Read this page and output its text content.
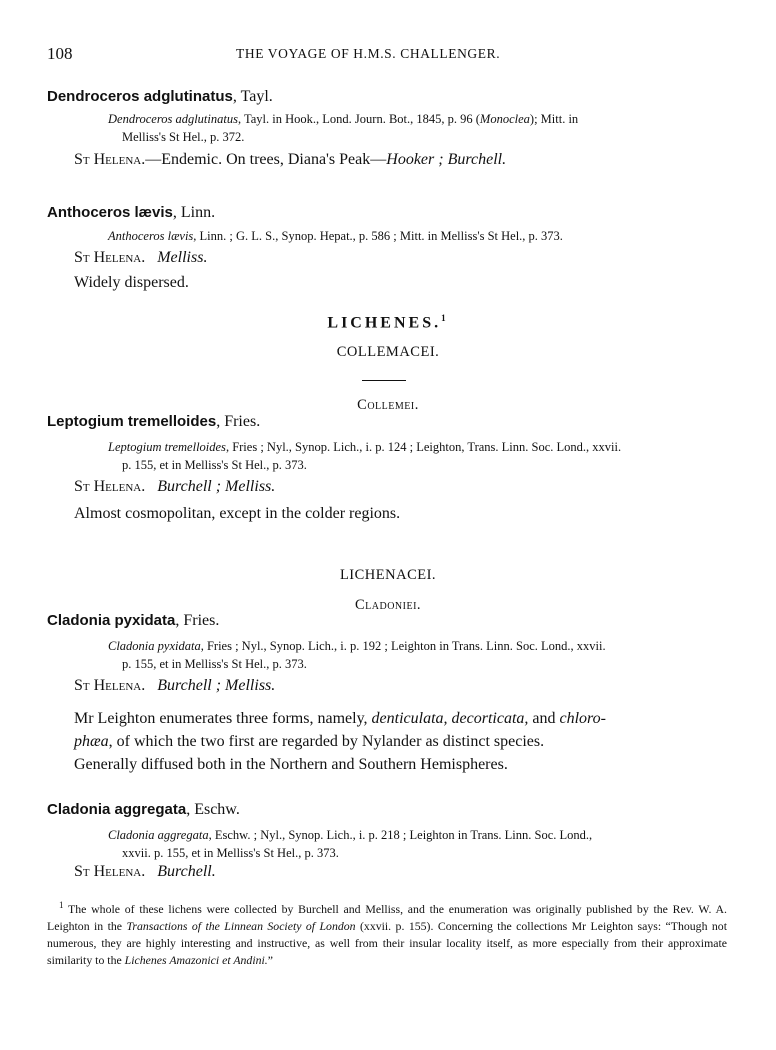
108	THE VOYAGE OF H.M.S. CHALLENGER.
Dendroceros adglutinatus, Tayl.
Dendroceros adglutinatus, Tayl. in Hook., Lond. Journ. Bot., 1845, p. 96 (Monoclea); Mitt. in
Melliss's St Hel., p. 372.
St Helena.—Endemic. On trees, Diana's Peak—Hooker ; Burchell.
Anthoceros lævis, Linn.
Anthoceros lævis, Linn. ; G. L. S., Synop. Hepat., p. 586 ; Mitt. in Melliss's St Hel., p. 373.
St Helena. Melliss.
Widely dispersed.
LICHENES.$^1$
COLLEMACEI.
Collemei.
Leptogium tremelloides, Fries.
Leptogium tremelloides, Fries ; Nyl., Synop. Lich., i. p. 124 ; Leighton, Trans. Linn. Soc. Lond., xxvii.
p. 155, et in Melliss's St Hel., p. 373.
St Helena. Burchell ; Melliss.
Almost cosmopolitan, except in the colder regions.
LICHENACEI.
Cladoniei.
Cladonia pyxidata, Fries.
Cladonia pyxidata, Fries ; Nyl., Synop. Lich., i. p. 192 ; Leighton in Trans. Linn. Soc. Lond., xxvii.
p. 155, et in Melliss's St Hel., p. 373.
St Helena. Burchell ; Melliss.
Mr Leighton enumerates three forms, namely, denticulata, decorticata, and chloro-
phæa, of which the two first are regarded by Nylander as distinct species.
Generally diffused both in the Northern and Southern Hemispheres.
Cladonia aggregata, Eschw.
Cladonia aggregata, Eschw. ; Nyl., Synop. Lich., i. p. 218 ; Leighton in Trans. Linn. Soc. Lond.,
xxvii. p. 155, et in Melliss's St Hel., p. 373.
St Helena. Burchell.
$^1$ The whole of these lichens were collected by Burchell and Melliss, and the enumeration was originally published by the Rev. W. A. Leighton in the Transactions of the Linnean Society of London (xxvii. p. 155). Concerning the collections Mr Leighton says: “Though not numerous, they are highly interesting and instructive, as well from their insular locality itself, as more especially from their approximate similarity to the Lichenes Amazonici et Andini.”
